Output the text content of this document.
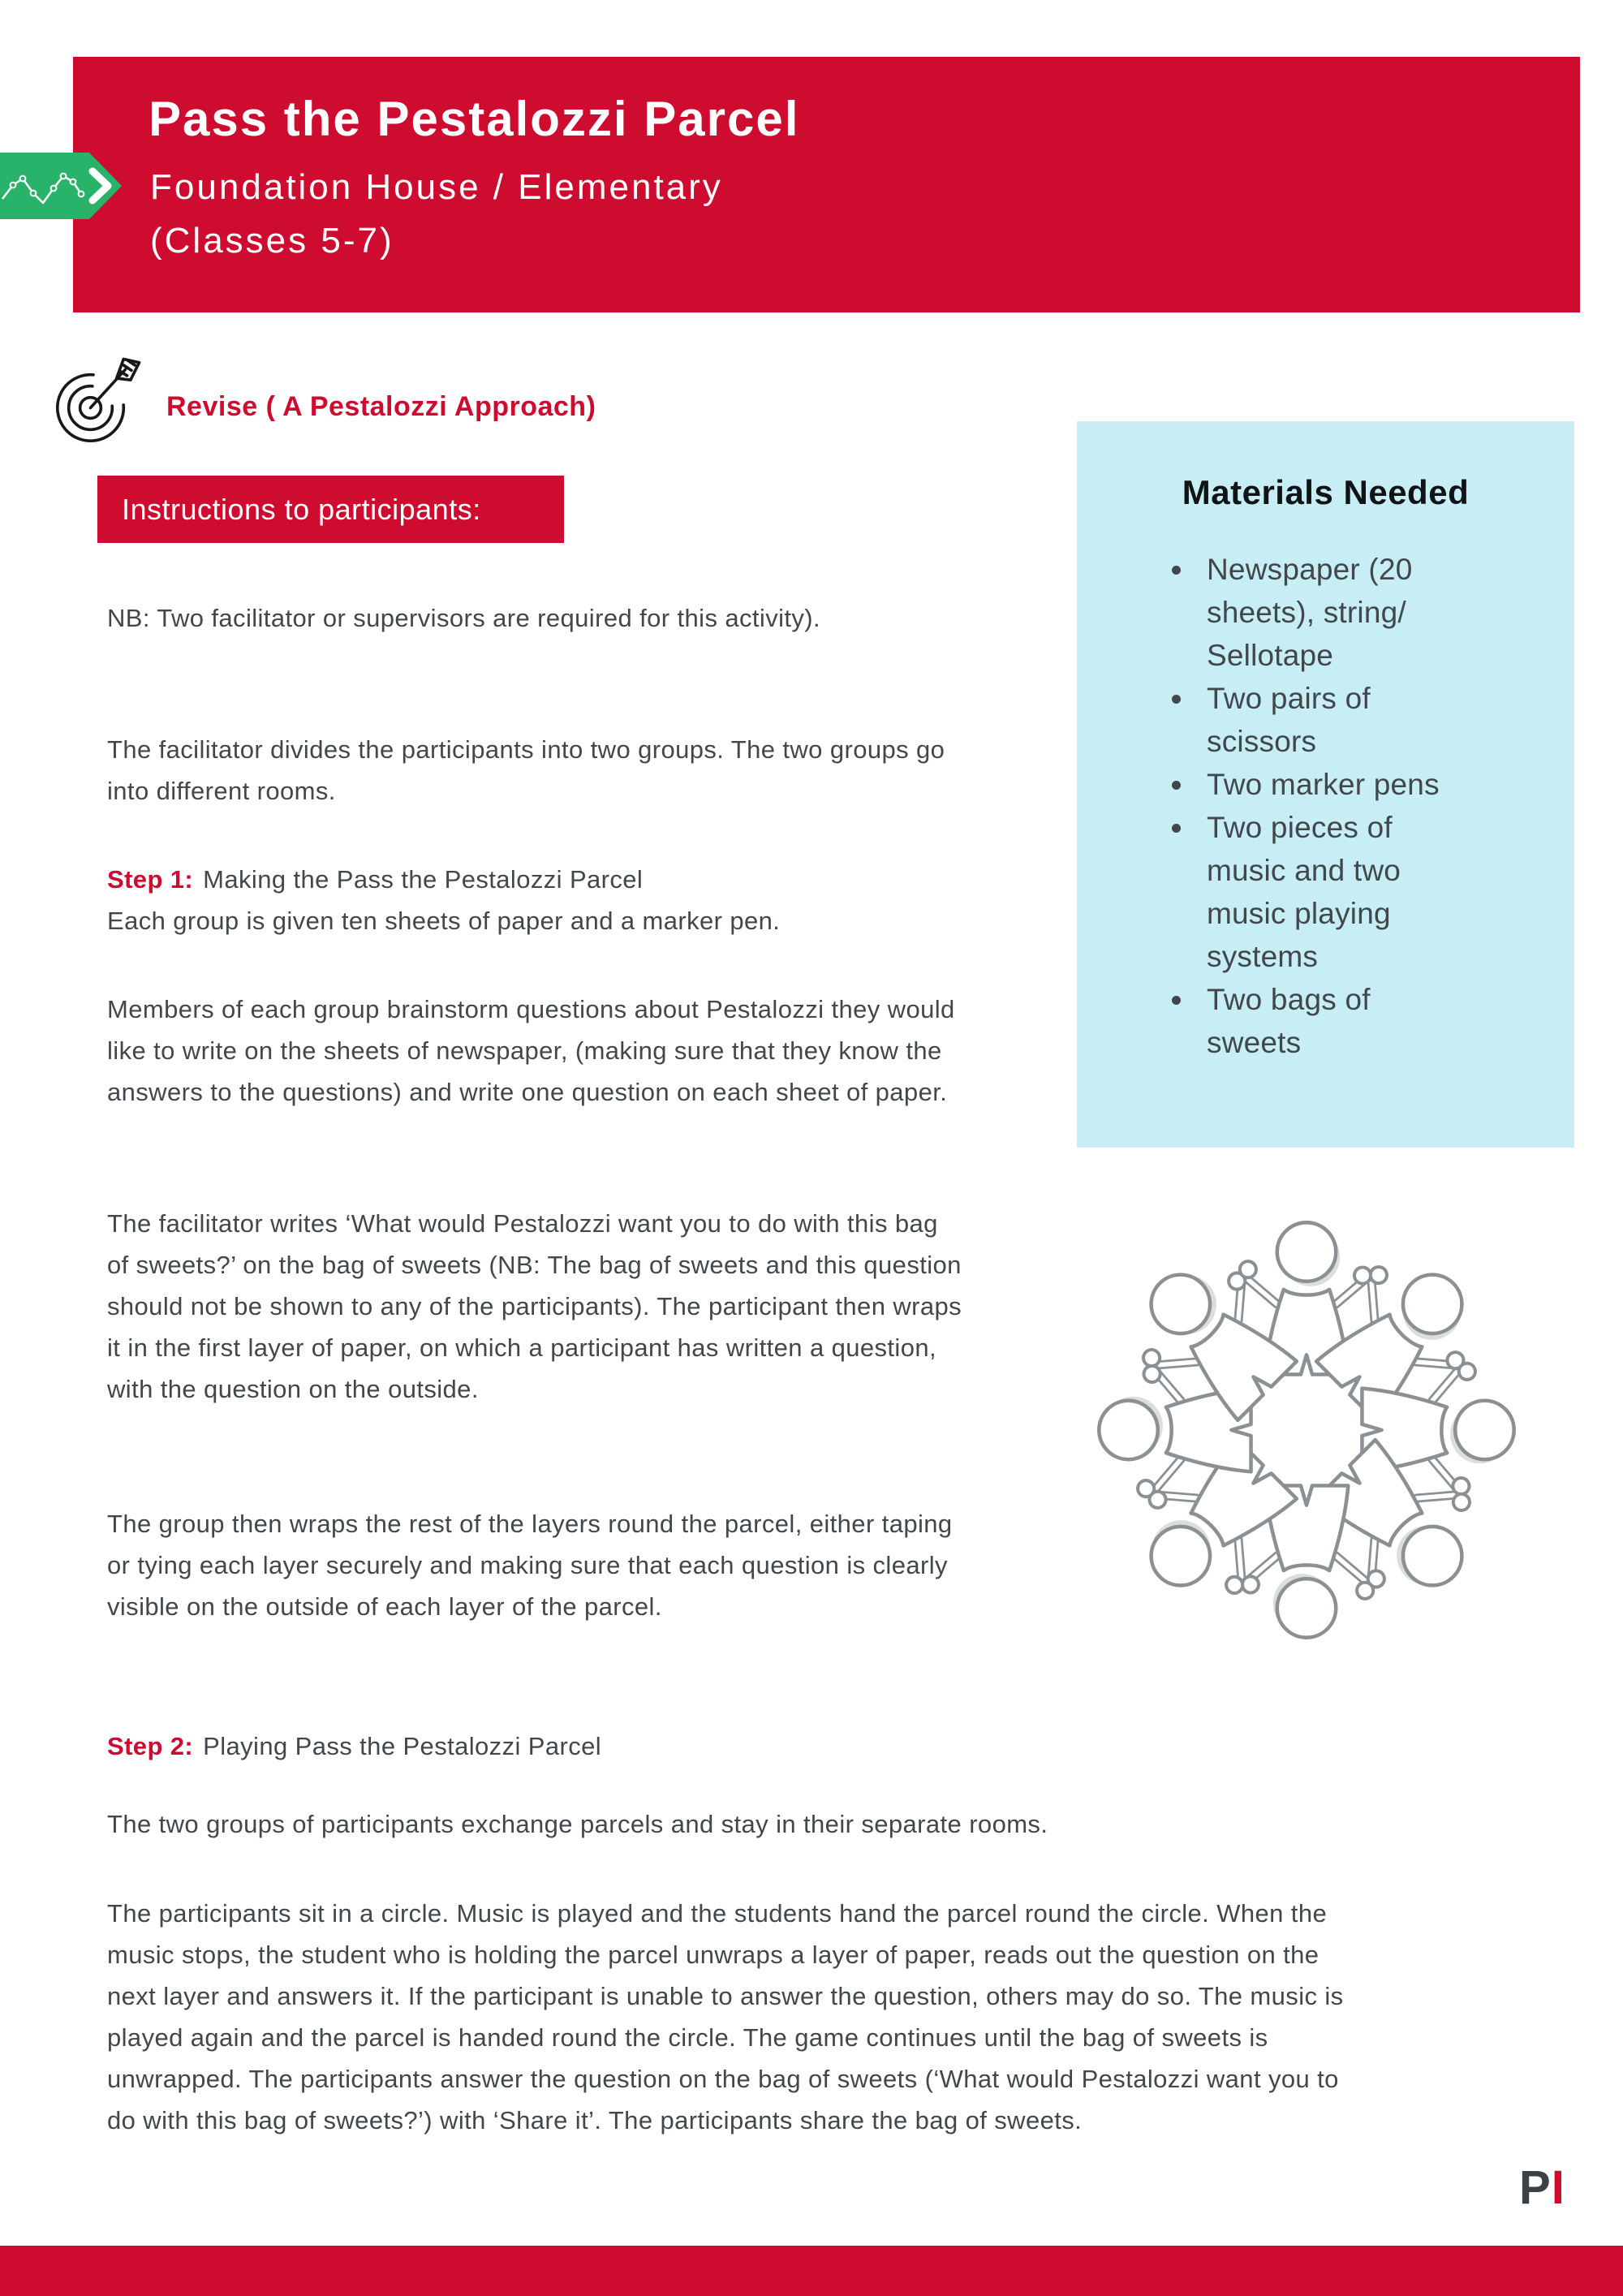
Pass the Pestalozzi Parcel
Foundation House / Elementary
(Classes 5-7)
Revise ( A Pestalozzi Approach)
Instructions to participants:
NB: Two facilitator or supervisors are required for this activity).
The facilitator divides the participants into two groups. The two groups go into different rooms.
Step 1: Making the Pass the Pestalozzi Parcel
Each group is given ten sheets of paper and a marker pen.
Members of each group brainstorm questions about Pestalozzi they would like to write on the sheets of newspaper, (making sure that they know the answers to the questions) and write one question on each sheet of paper.
The facilitator writes ‘What would Pestalozzi want you to do with this bag of sweets?’ on the bag of sweets (NB: The bag of sweets and this question should not be shown to any of the participants). The participant then wraps it in the first layer of paper, on which a participant has written a question, with the question on the outside.
The group then wraps the rest of the layers round the parcel, either taping or tying each layer securely and making sure that each question is clearly visible on the outside of each layer of the parcel.
Step 2: Playing Pass the Pestalozzi Parcel
The two groups of participants exchange parcels and stay in their separate rooms.
The participants sit in a circle. Music is played and the students hand the parcel round the circle. When the music stops, the student who is holding the parcel unwraps a layer of paper, reads out the question on the next layer and answers it. If the participant is unable to answer the question, others may do so. The music is played again and the parcel is handed round the circle. The game continues until the bag of sweets is unwrapped. The participants answer the question on the bag of sweets (‘What would Pestalozzi want you to do with this bag of sweets?’) with ‘Share it’. The participants share the bag of sweets.
Materials Needed
• Newspaper (20 sheets), string/ Sellotape
• Two pairs of scissors
• Two marker pens
• Two pieces of music and two music playing systems
• Two bags of sweets
PI
